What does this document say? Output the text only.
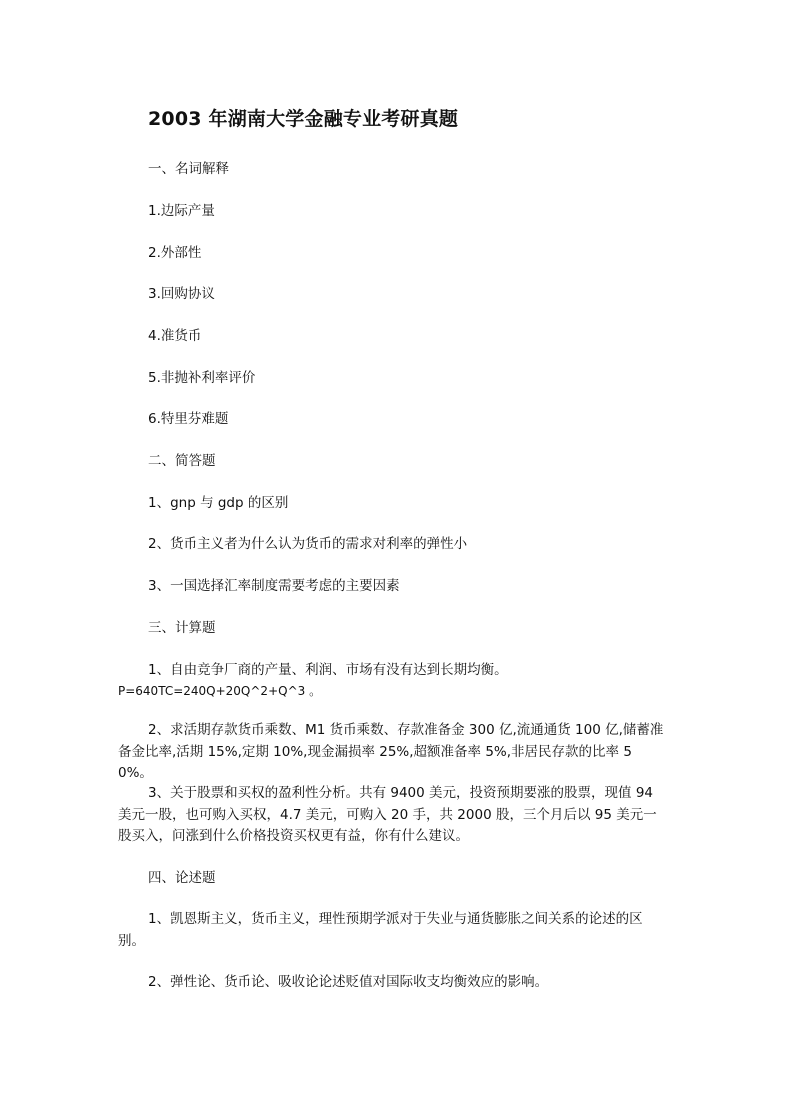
2003 年湖南大学金融专业考研真题
一、名词解释
1.边际产量
2.外部性
3.回购协议
4.准货币
5.非抛补利率评价
6.特里芬难题
二、简答题
1、gnp 与 gdp 的区别
2、货币主义者为什么认为货币的需求对利率的弹性小
3、一国选择汇率制度需要考虑的主要因素
三、计算题
1、自由竞争厂商的产量、利润、市场有没有达到长期均衡。
P=640TC=240Q+20Q^2+Q^3 。
2、求活期存款货币乘数、M1 货币乘数、存款准备金 300 亿,流通通货 100 亿,储蓄准备金比率,活期 15%,定期 10%,现金漏损率 25%,超额准备率 5%,非居民存款的比率 50%。
3、关于股票和买权的盈利性分析。共有 9400 美元，投资预期要涨的股票，现值 94 美元一股，也可购入买权，4.7 美元，可购入 20 手，共 2000 股，三个月后以 95 美元一股买入，问涨到什么价格投资买权更有益，你有什么建议。
四、论述题
1、凯恩斯主义，货币主义，理性预期学派对于失业与通货膨胀之间关系的论述的区别。
2、弹性论、货币论、吸收论论述贬值对国际收支均衡效应的影响。
